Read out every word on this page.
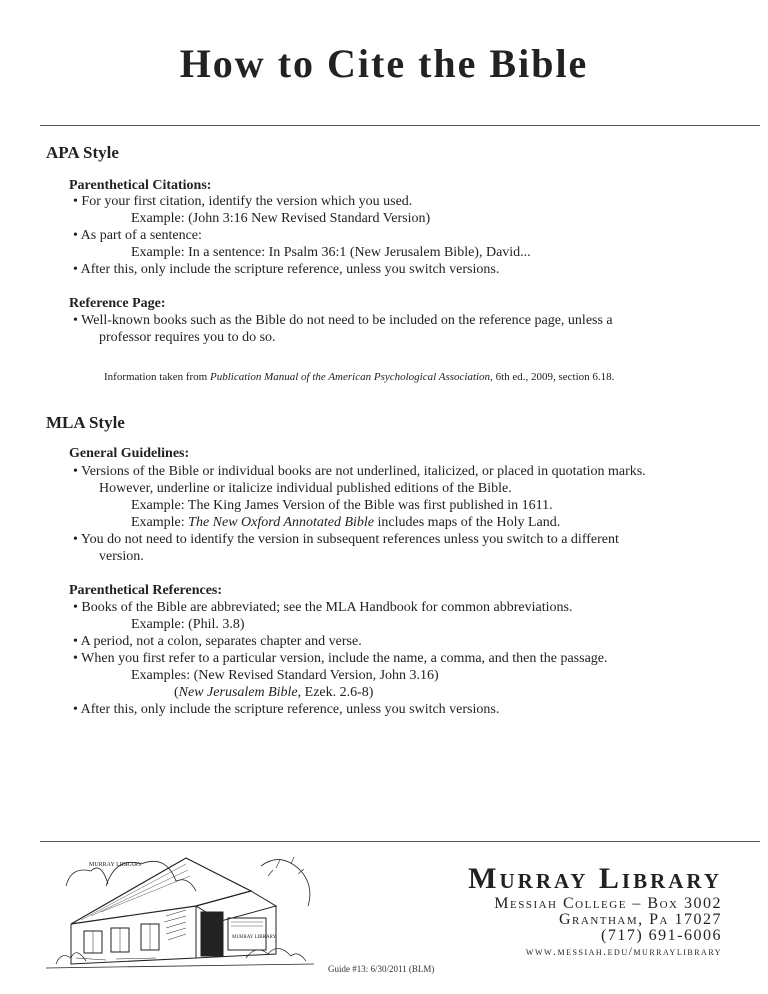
How to Cite the Bible
APA Style
Parenthetical Citations:
• For your first citation, identify the version which you used.
Example: (John 3:16 New Revised Standard Version)
• As part of a sentence:
Example: In a sentence: In Psalm 36:1 (New Jerusalem Bible), David...
• After this, only include the scripture reference, unless you switch versions.
Reference Page:
• Well-known books such as the Bible do not need to be included on the reference page, unless a
professor requires you to do so.
Information taken from Publication Manual of the American Psychological Association, 6th ed., 2009, section 6.18.
MLA Style
General Guidelines:
• Versions of the Bible or individual books are not underlined, italicized, or placed in quotation marks.
However, underline or italicize individual published editions of the Bible.
Example: The King James Version of the Bible was first published in 1611.
Example: The New Oxford Annotated Bible includes maps of the Holy Land.
• You do not need to identify the version in subsequent references unless you switch to a different
version.
Parenthetical References:
• Books of the Bible are abbreviated; see the MLA Handbook for common abbreviations.
Example: (Phil. 3.8)
• A period, not a colon, separates chapter and verse.
• When you first refer to a particular version, include the name, a comma, and then the passage.
Examples: (New Revised Standard Version, John 3.16)
(New Jerusalem Bible, Ezek. 2.6-8)
• After this, only include the scripture reference, unless you switch versions.
MURRAY LIBRARY
MURRAY LIBRARY
Murray Library
Messiah College – Box 3002
Grantham, Pa 17027
(717) 691-6006
www.messiah.edu/murraylibrary
Guide #13: 6/30/2011 (BLM)
